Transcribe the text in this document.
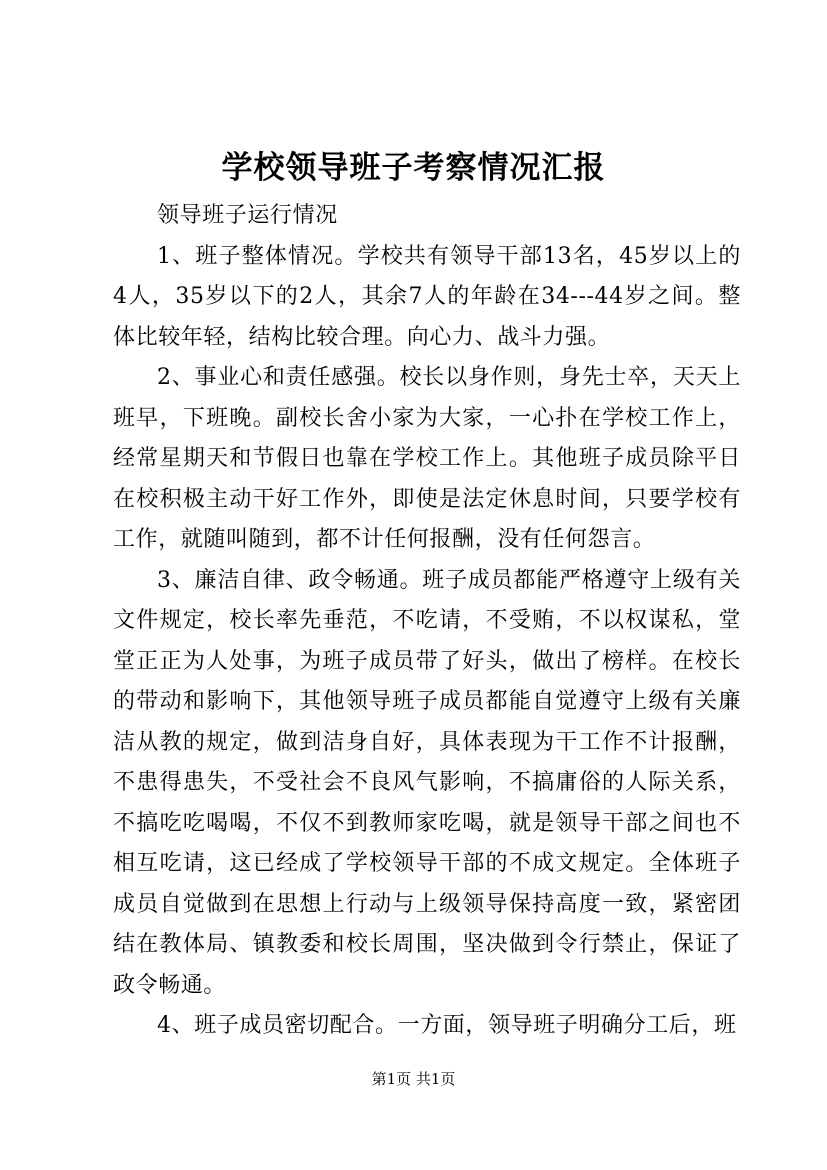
学校领导班子考察情况汇报

领导班子运行情况

1、班子整体情况。学校共有领导干部13名，45岁以上的4人，35岁以下的2人，其余7人的年龄在34---44岁之间。整体比较年轻，结构比较合理。向心力、战斗力强。

2、事业心和责任感强。校长以身作则，身先士卒，天天上班早，下班晚。副校长舍小家为大家，一心扑在学校工作上，经常星期天和节假日也靠在学校工作上。其他班子成员除平日在校积极主动干好工作外，即使是法定休息时间，只要学校有工作，就随叫随到，都不计任何报酬，没有任何怨言。

3、廉洁自律、政令畅通。班子成员都能严格遵守上级有关文件规定，校长率先垂范，不吃请，不受贿，不以权谋私，堂堂正正为人处事，为班子成员带了好头，做出了榜样。在校长的带动和影响下，其他领导班子成员都能自觉遵守上级有关廉洁从教的规定，做到洁身自好，具体表现为干工作不计报酬，不患得患失，不受社会不良风气影响，不搞庸俗的人际关系，不搞吃吃喝喝，不仅不到教师家吃喝，就是领导干部之间也不相互吃请，这已经成了学校领导干部的不成文规定。全体班子成员自觉做到在思想上行动与上级领导保持高度一致，紧密团结在教体局、镇教委和校长周围，坚决做到令行禁止，保证了政令畅通。

4、班子成员密切配合。一方面，领导班子明确分工后，班

第1页 共1页
